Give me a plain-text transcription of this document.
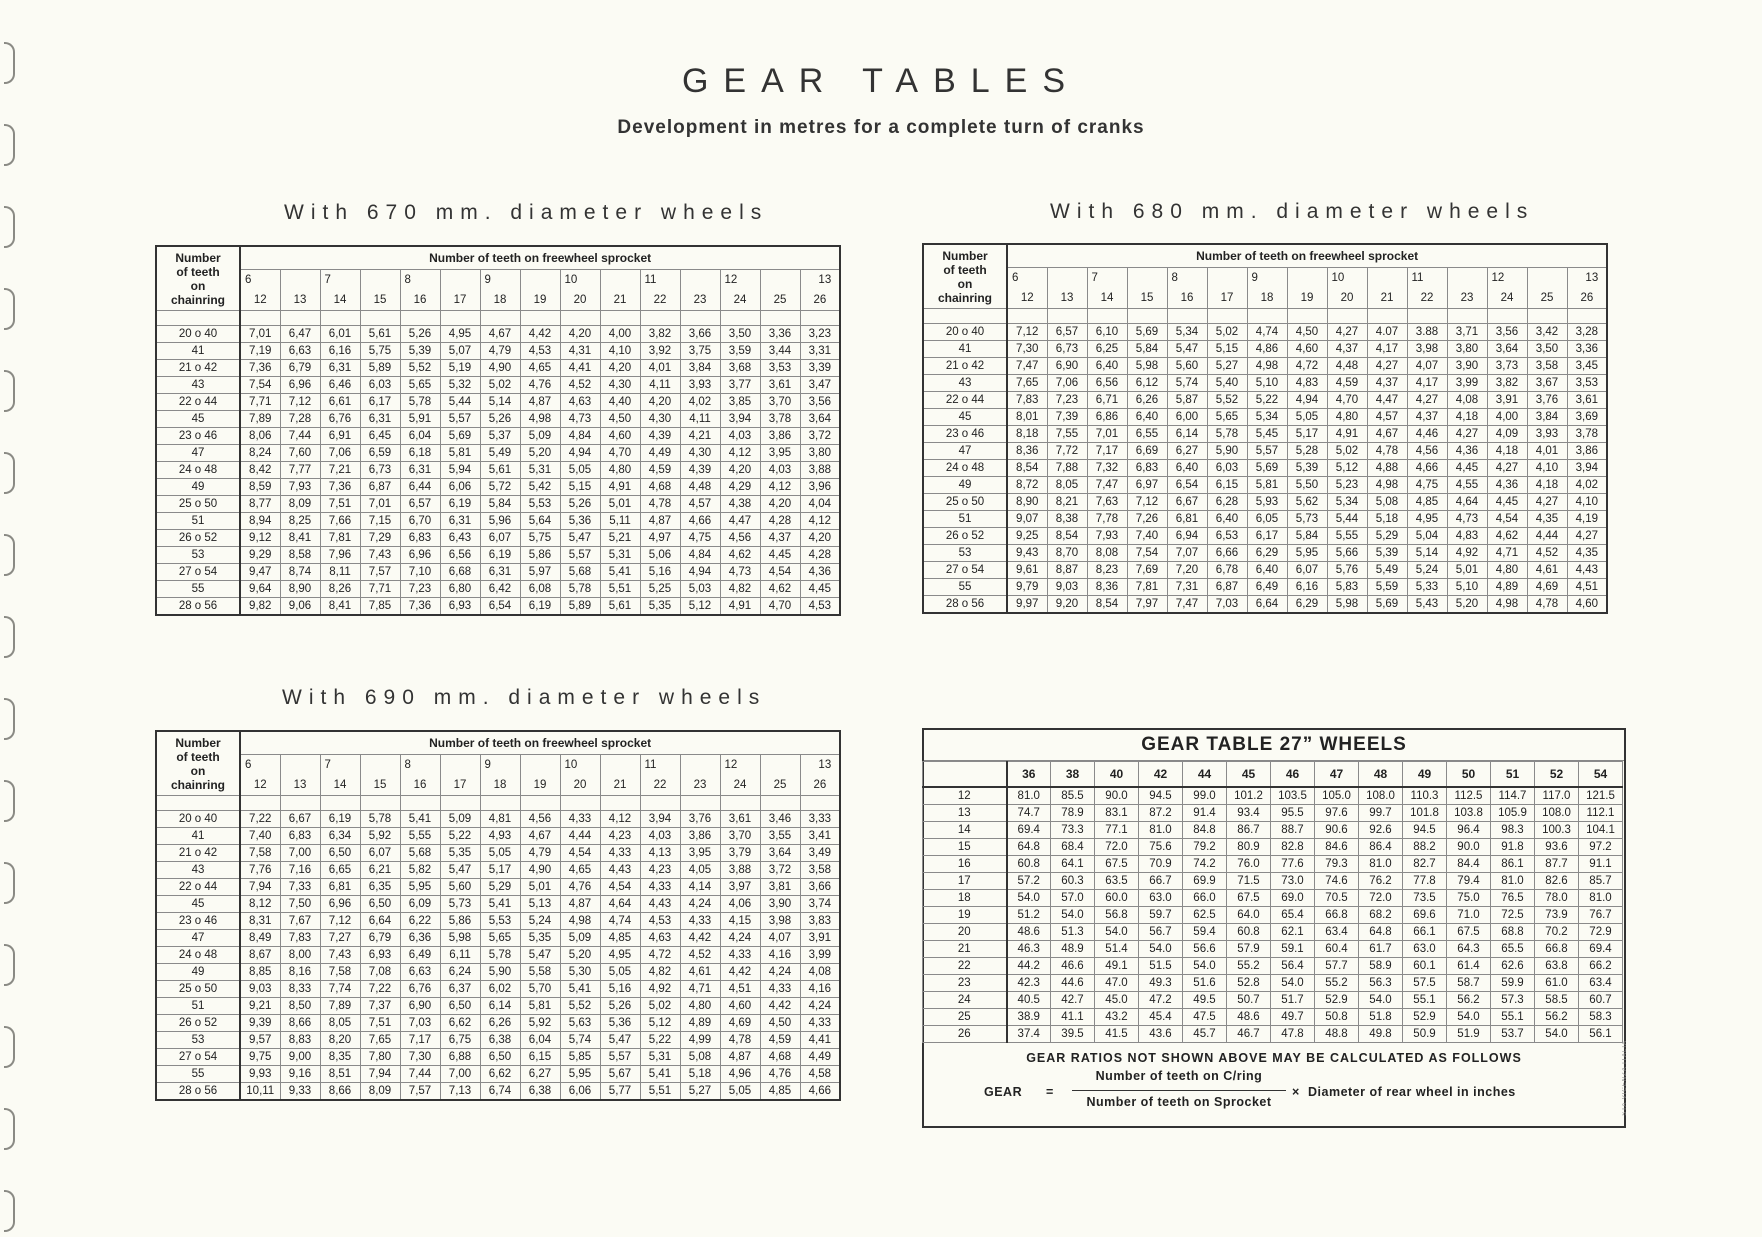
GEAR TABLES
Development in metres for a complete turn of cranks
With 670 mm. diameter wheels	With 680 mm. diameter wheels
With 690 mm. diameter wheels
Number
of teeth
on
chainring	Number of teeth on freewheel sprocket														
	6		7		8		9		10		11		12		13
	12	13	14	15	16	17	18	19	20	21	22	23	24	25	26

20 o 40	7,01	6,47	6,01	5,61	5,26	4,95	4,67	4,42	4,20	4,00	3,82	3,66	3,50	3,36	3,23
41	7,19	6,63	6,16	5,75	5,39	5,07	4,79	4,53	4,31	4,10	3,92	3,75	3,59	3,44	3,31
21 o 42	7,36	6,79	6,31	5,89	5,52	5,19	4,90	4,65	4,41	4,20	4,01	3,84	3,68	3,53	3,39
43	7,54	6,96	6,46	6,03	5,65	5,32	5,02	4,76	4,52	4,30	4,11	3,93	3,77	3,61	3,47
22 o 44	7,71	7,12	6,61	6,17	5,78	5,44	5,14	4,87	4,63	4,40	4,20	4,02	3,85	3,70	3,56
45	7,89	7,28	6,76	6,31	5,91	5,57	5,26	4,98	4,73	4,50	4,30	4,11	3,94	3,78	3,64
23 o 46	8,06	7,44	6,91	6,45	6,04	5,69	5,37	5,09	4,84	4,60	4,39	4,21	4,03	3,86	3,72
47	8,24	7,60	7,06	6,59	6,18	5,81	5,49	5,20	4,94	4,70	4,49	4,30	4,12	3,95	3,80
24 o 48	8,42	7,77	7,21	6,73	6,31	5,94	5,61	5,31	5,05	4,80	4,59	4,39	4,20	4,03	3,88
49	8,59	7,93	7,36	6,87	6,44	6,06	5,72	5,42	5,15	4,91	4,68	4,48	4,29	4,12	3,96
25 o 50	8,77	8,09	7,51	7,01	6,57	6,19	5,84	5,53	5,26	5,01	4,78	4,57	4,38	4,20	4,04
51	8,94	8,25	7,66	7,15	6,70	6,31	5,96	5,64	5,36	5,11	4,87	4,66	4,47	4,28	4,12
26 o 52	9,12	8,41	7,81	7,29	6,83	6,43	6,07	5,75	5,47	5,21	4,97	4,75	4,56	4,37	4,20
53	9,29	8,58	7,96	7,43	6,96	6,56	6,19	5,86	5,57	5,31	5,06	4,84	4,62	4,45	4,28
27 o 54	9,47	8,74	8,11	7,57	7,10	6,68	6,31	5,97	5,68	5,41	5,16	4,94	4,73	4,54	4,36
55	9,64	8,90	8,26	7,71	7,23	6,80	6,42	6,08	5,78	5,51	5,25	5,03	4,82	4,62	4,45
28 o 56	9,82	9,06	8,41	7,85	7,36	6,93	6,54	6,19	5,89	5,61	5,35	5,12	4,91	4,70	4,53
Number
of teeth
on
chainring	Number of teeth on freewheel sprocket														
	6		7		8		9		10		11		12		13
	12	13	14	15	16	17	18	19	20	21	22	23	24	25	26

20 o 40	7,12	6,57	6,10	5,69	5,34	5,02	4,74	4,50	4,27	4.07	3.88	3,71	3,56	3,42	3,28
41	7,30	6,73	6,25	5,84	5,47	5,15	4,86	4,60	4,37	4,17	3,98	3,80	3,64	3,50	3,36
21 o 42	7,47	6,90	6,40	5,98	5,60	5,27	4,98	4,72	4,48	4,27	4,07	3,90	3,73	3,58	3,45
43	7,65	7,06	6,56	6,12	5,74	5,40	5,10	4,83	4,59	4,37	4,17	3,99	3,82	3,67	3,53
22 o 44	7,83	7,23	6,71	6,26	5,87	5,52	5,22	4,94	4,70	4,47	4,27	4,08	3,91	3,76	3,61
45	8,01	7,39	6,86	6,40	6,00	5,65	5,34	5,05	4,80	4,57	4,37	4,18	4,00	3,84	3,69
23 o 46	8,18	7,55	7,01	6,55	6,14	5,78	5,45	5,17	4,91	4,67	4,46	4,27	4,09	3,93	3,78
47	8,36	7,72	7,17	6,69	6,27	5,90	5,57	5,28	5,02	4,78	4,56	4,36	4,18	4,01	3,86
24 o 48	8,54	7,88	7,32	6,83	6,40	6,03	5,69	5,39	5,12	4,88	4,66	4,45	4,27	4,10	3,94
49	8,72	8,05	7,47	6,97	6,54	6,15	5,81	5,50	5,23	4,98	4,75	4,55	4,36	4,18	4,02
25 o 50	8,90	8,21	7,63	7,12	6,67	6,28	5,93	5,62	5,34	5,08	4,85	4,64	4,45	4,27	4,10
51	9,07	8,38	7,78	7,26	6,81	6,40	6,05	5,73	5,44	5,18	4,95	4,73	4,54	4,35	4,19
26 o 52	9,25	8,54	7,93	7,40	6,94	6,53	6,17	5,84	5,55	5,29	5,04	4,83	4,62	4,44	4,27
53	9,43	8,70	8,08	7,54	7,07	6,66	6,29	5,95	5,66	5,39	5,14	4,92	4,71	4,52	4,35
27 o 54	9,61	8,87	8,23	7,69	7,20	6,78	6,40	6,07	5,76	5,49	5,24	5,01	4,80	4,61	4,43
55	9,79	9,03	8,36	7,81	7,31	6,87	6,49	6,16	5,83	5,59	5,33	5,10	4,89	4,69	4,51
28 o 56	9,97	9,20	8,54	7,97	7,47	7,03	6,64	6,29	5,98	5,69	5,43	5,20	4,98	4,78	4,60
Number
of teeth
on
chainring	Number of teeth on freewheel sprocket														
	6		7		8		9		10		11		12		13
	12	13	14	15	16	17	18	19	20	21	22	23	24	25	26

20 o 40	7,22	6,67	6,19	5,78	5,41	5,09	4,81	4,56	4,33	4,12	3,94	3,76	3,61	3,46	3,33
41	7,40	6,83	6,34	5,92	5,55	5,22	4,93	4,67	4,44	4,23	4,03	3,86	3,70	3,55	3,41
21 o 42	7,58	7,00	6,50	6,07	5,68	5,35	5,05	4,79	4,54	4,33	4,13	3,95	3,79	3,64	3,49
43	7,76	7,16	6,65	6,21	5,82	5,47	5,17	4,90	4,65	4,43	4,23	4,05	3,88	3,72	3,58
22 o 44	7,94	7,33	6,81	6,35	5,95	5,60	5,29	5,01	4,76	4,54	4,33	4,14	3,97	3,81	3,66
45	8,12	7,50	6,96	6,50	6,09	5,73	5,41	5,13	4,87	4,64	4,43	4,24	4,06	3,90	3,74
23 o 46	8,31	7,67	7,12	6,64	6,22	5,86	5,53	5,24	4,98	4,74	4,53	4,33	4,15	3,98	3,83
47	8,49	7,83	7,27	6,79	6,36	5,98	5,65	5,35	5,09	4,85	4,63	4,42	4,24	4,07	3,91
24 o 48	8,67	8,00	7,43	6,93	6,49	6,11	5,78	5,47	5,20	4,95	4,72	4,52	4,33	4,16	3,99
49	8,85	8,16	7,58	7,08	6,63	6,24	5,90	5,58	5,30	5,05	4,82	4,61	4,42	4,24	4,08
25 o 50	9,03	8,33	7,74	7,22	6,76	6,37	6,02	5,70	5,41	5,16	4,92	4,71	4,51	4,33	4,16
51	9,21	8,50	7,89	7,37	6,90	6,50	6,14	5,81	5,52	5,26	5,02	4,80	4,60	4,42	4,24
26 o 52	9,39	8,66	8,05	7,51	7,03	6,62	6,26	5,92	5,63	5,36	5,12	4,89	4,69	4,50	4,33
53	9,57	8,83	8,20	7,65	7,17	6,75	6,38	6,04	5,74	5,47	5,22	4,99	4,78	4,59	4,41
27 o 54	9,75	9,00	8,35	7,80	7,30	6,88	6,50	6,15	5,85	5,57	5,31	5,08	4,87	4,68	4,49
55	9,93	9,16	8,51	7,94	7,44	7,00	6,62	6,27	5,95	5,67	5,41	5,18	4,96	4,76	4,58
28 o 56	10,11	9,33	8,66	8,09	7,57	7,13	6,74	6,38	6,06	5,77	5,51	5,27	5,05	4,85	4,66
GEAR TABLE 27” WHEELS
	36	38	40	42	44	45	46	47	48	49	50	51	52	54
12	81.0	85.5	90.0	94.5	99.0	101.2	103.5	105.0	108.0	110.3	112.5	114.7	117.0	121.5
13	74.7	78.9	83.1	87.2	91.4	93.4	95.5	97.6	99.7	101.8	103.8	105.9	108.0	112.1
14	69.4	73.3	77.1	81.0	84.8	86.7	88.7	90.6	92.6	94.5	96.4	98.3	100.3	104.1
15	64.8	68.4	72.0	75.6	79.2	80.9	82.8	84.6	86.4	88.2	90.0	91.8	93.6	97.2
16	60.8	64.1	67.5	70.9	74.2	76.0	77.6	79.3	81.0	82.7	84.4	86.1	87.7	91.1
17	57.2	60.3	63.5	66.7	69.9	71.5	73.0	74.6	76.2	77.8	79.4	81.0	82.6	85.7
18	54.0	57.0	60.0	63.0	66.0	67.5	69.0	70.5	72.0	73.5	75.0	76.5	78.0	81.0
19	51.2	54.0	56.8	59.7	62.5	64.0	65.4	66.8	68.2	69.6	71.0	72.5	73.9	76.7
20	48.6	51.3	54.0	56.7	59.4	60.8	62.1	63.4	64.8	66.1	67.5	68.8	70.2	72.9
21	46.3	48.9	51.4	54.0	56.6	57.9	59.1	60.4	61.7	63.0	64.3	65.5	66.8	69.4
22	44.2	46.6	49.1	51.5	54.0	55.2	56.4	57.7	58.9	60.1	61.4	62.6	63.8	66.2
23	42.3	44.6	47.0	49.3	51.6	52.8	54.0	55.2	56.3	57.5	58.7	59.9	61.0	63.4
24	40.5	42.7	45.0	47.2	49.5	50.7	51.7	52.9	54.0	55.1	56.2	57.3	58.5	60.7
25	38.9	41.1	43.2	45.4	47.5	48.6	49.7	50.8	51.8	52.9	54.0	55.1	56.2	58.3
26	37.4	39.5	41.5	43.6	45.7	46.7	47.8	48.8	49.8	50.9	51.9	53.7	54.0	56.1
GEAR RATIOS NOT SHOWN ABOVE MAY BE CALCULATED AS FOLLOWS
GEAR =
Number of teeth on C/ring
Number of teeth on Sprocket
× Diameter of rear wheel in inches	STA VICENZA ITALIA
